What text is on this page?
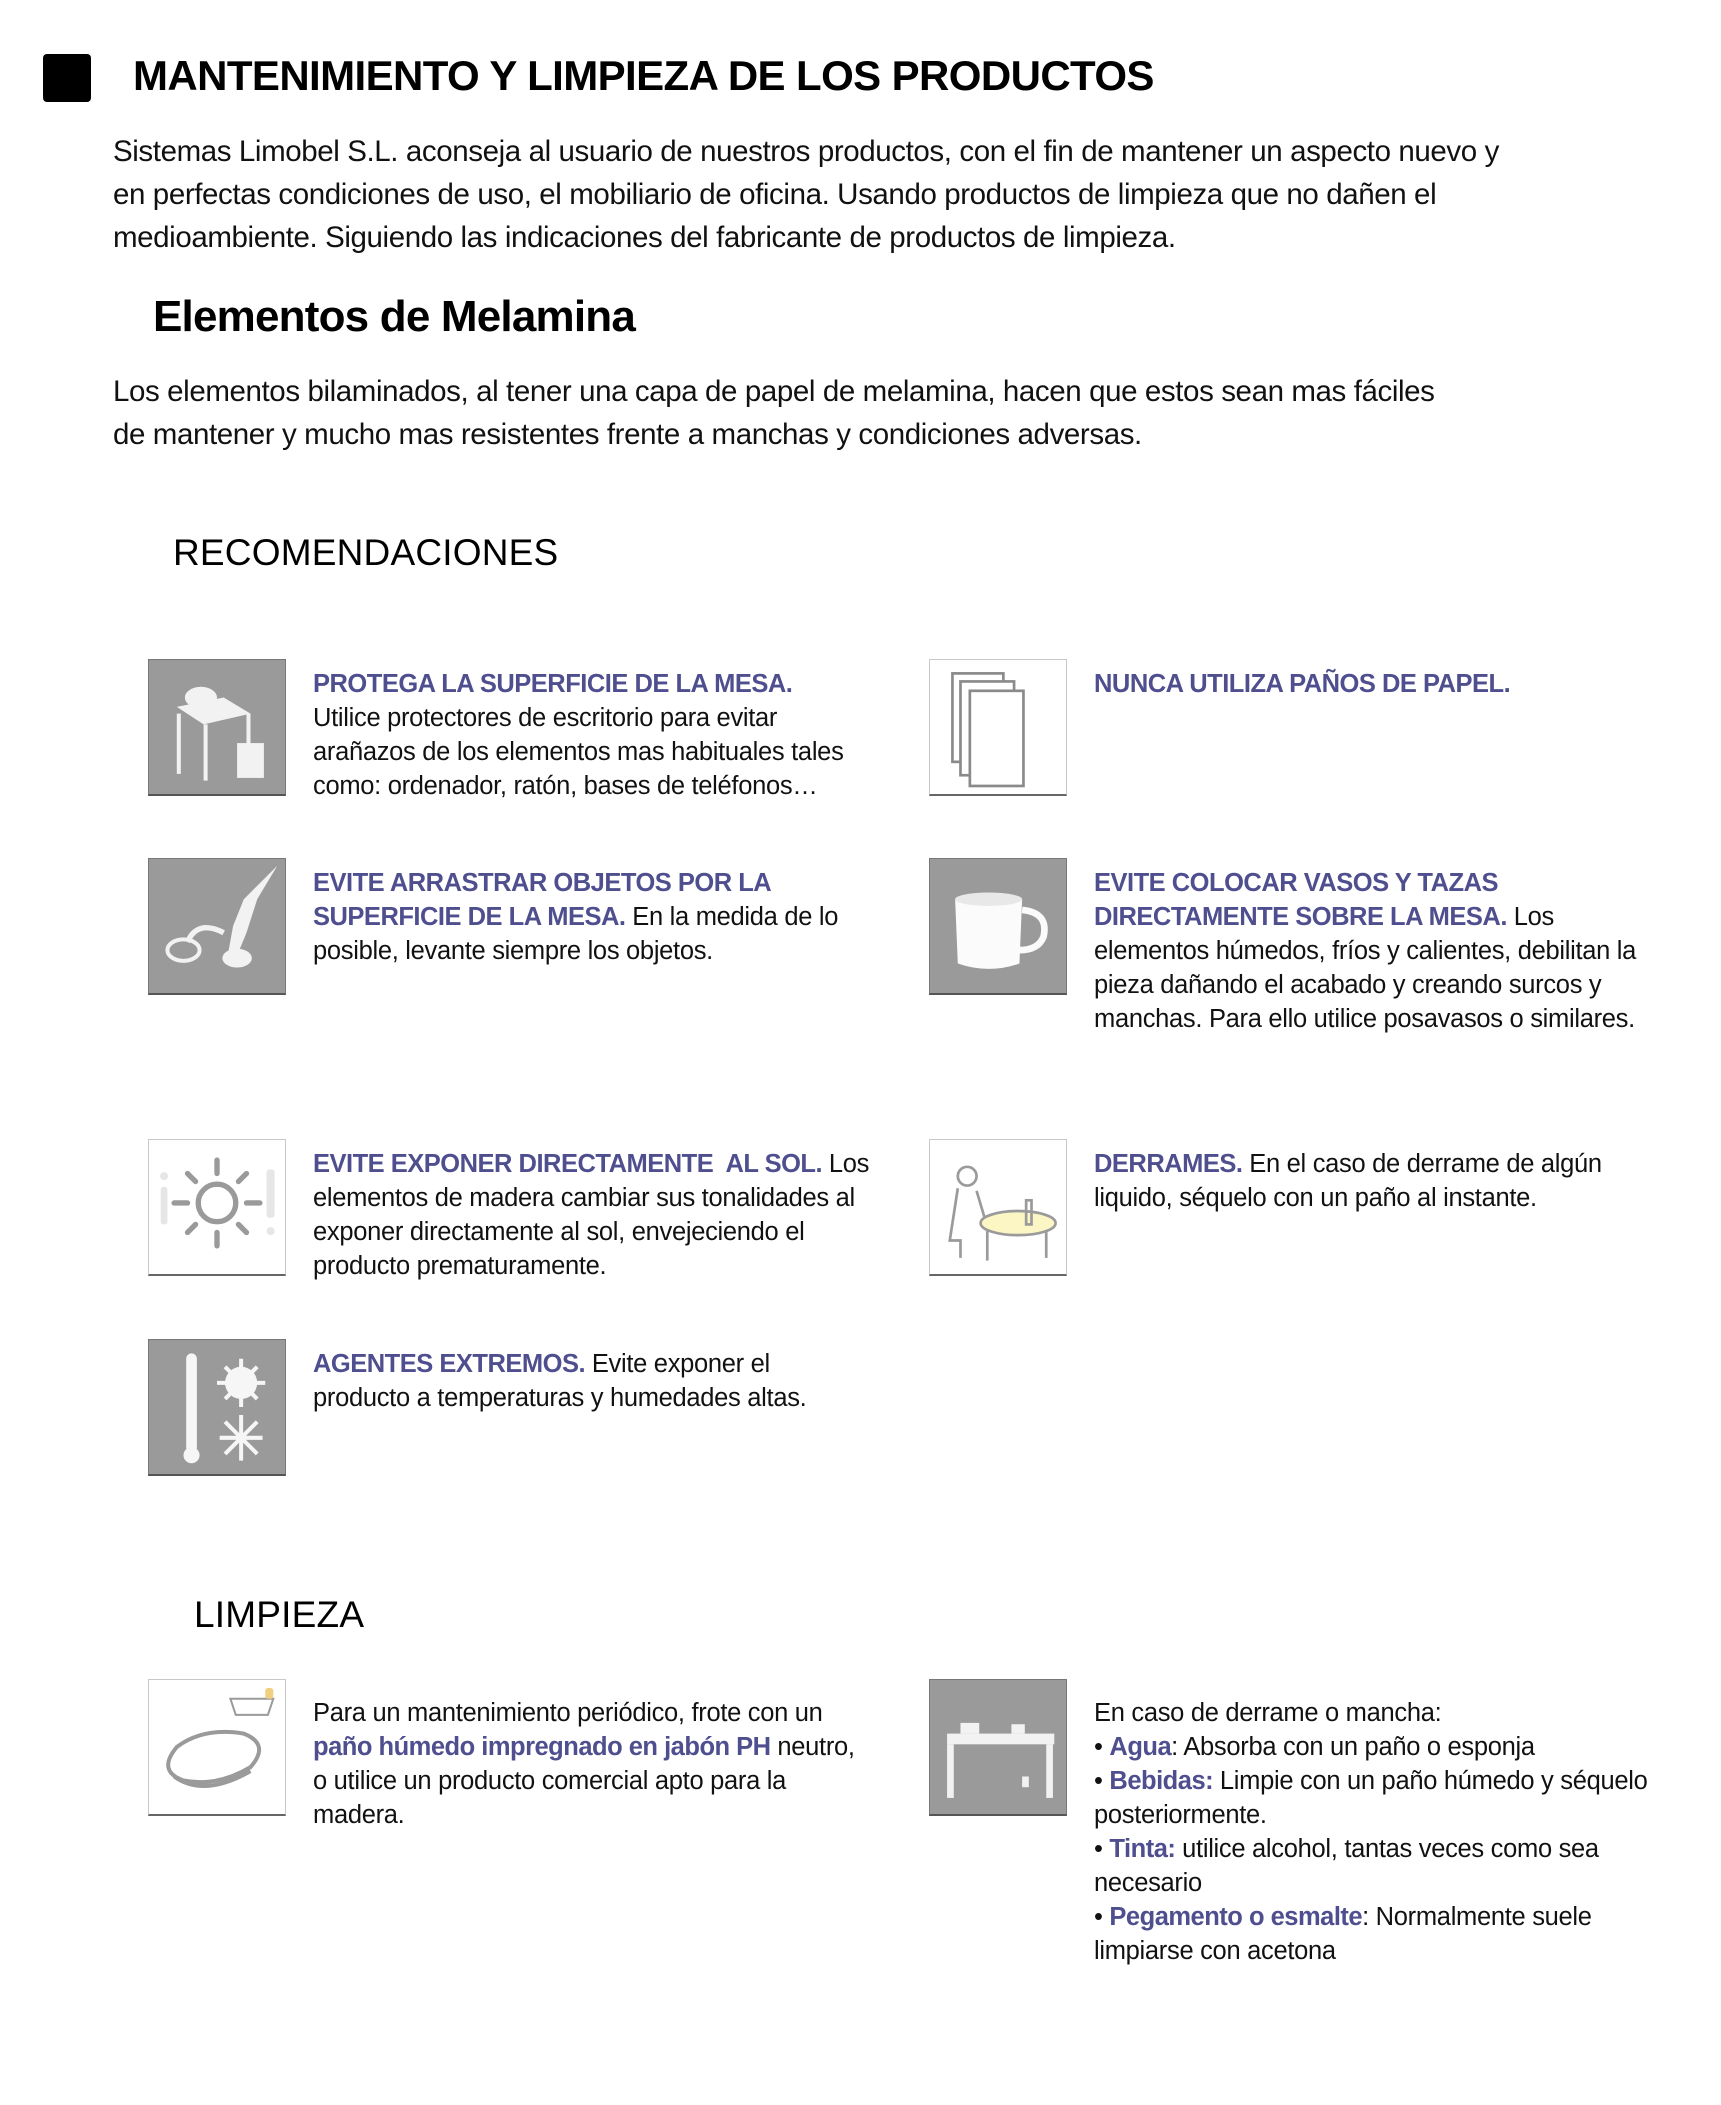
MANTENIMIENTO Y LIMPIEZA DE LOS PRODUCTOS
Sistemas Limobel S.L. aconseja al usuario de nuestros productos, con el fin de mantener un aspecto nuevo y
en perfectas condiciones de uso, el mobiliario de oficina. Usando productos de limpieza que no dañen el
medioambiente. Siguiendo las indicaciones del fabricante de productos de limpieza.
Elementos de Melamina
Los elementos bilaminados, al tener una capa de papel de melamina, hacen que estos sean mas fáciles
de mantener y mucho mas resistentes frente a manchas y condiciones adversas.
RECOMENDACIONES
PROTEGA LA SUPERFICIE DE LA MESA. Utilice protectores de escritorio para evitar arañazos de los elementos mas habituales tales como: ordenador, ratón, bases de teléfonos…
NUNCA UTILIZA PAÑOS DE PAPEL.
EVITE ARRASTRAR OBJETOS POR LA SUPERFICIE DE LA MESA. En la medida de lo posible, levante siempre los objetos.
EVITE COLOCAR VASOS Y TAZAS DIRECTAMENTE SOBRE LA MESA. Los elementos húmedos, fríos y calientes, debilitan la pieza dañando el acabado y creando surcos y manchas. Para ello utilice posavasos o similares.
EVITE EXPONER DIRECTAMENTE  AL SOL. Los elementos de madera cambiar sus tonalidades al exponer directamente al sol, envejeciendo el producto prematuramente.
DERRAMES. En el caso de derrame de algún liquido, séquelo con un paño al instante.
AGENTES EXTREMOS. Evite exponer el producto a temperaturas y humedades altas.
LIMPIEZA
Para un mantenimiento periódico, frote con un paño húmedo impregnado en jabón PH neutro, o utilice un producto comercial apto para la madera.
En caso de derrame o mancha:
• Agua: Absorba con un paño o esponja
• Bebidas: Limpie con un paño húmedo y séquelo posteriormente.
• Tinta: utilice alcohol, tantas veces como sea necesario
• Pegamento o esmalte: Normalmente suele limpiarse con acetona
